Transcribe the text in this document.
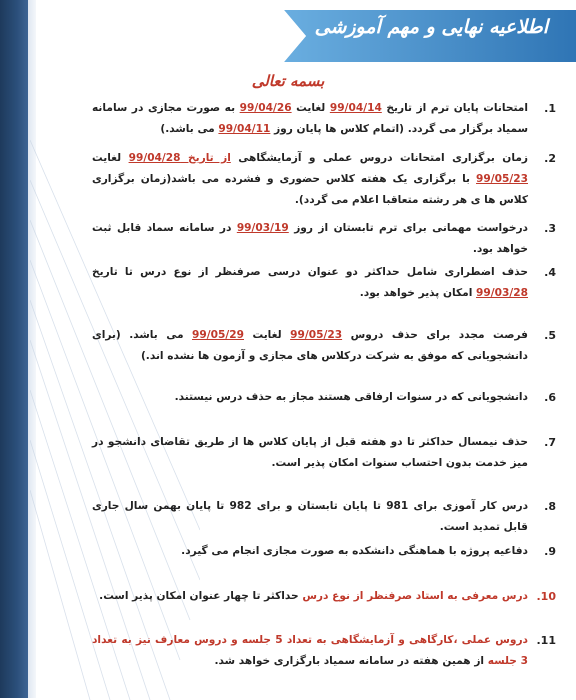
اطلاعیه نهایی و مهم آموزشی
بسمه تعالی
.1
امتحانات پایان ترم از تاریخ 99/04/14 لغایت 99/04/26 به صورت مجازی در سامانه سمیاد برگزار می گردد. (اتمام کلاس ها پایان روز 99/04/11 می باشد.)
.2
زمان برگزاری امتحانات دروس عملی و آزمایشگاهی از تاریخ 99/04/28 لغایت 99/05/23 با برگزاری یک هفته کلاس حضوری و فشرده می باشد(زمان برگزاری کلاس ها ی هر رشته متعاقبا اعلام می گردد).
.3
درخواست مهمانی برای ترم تابستان از روز 99/03/19 در سامانه سماد قابل ثبت خواهد بود.
.4
حذف اضطراری شامل حداکثر دو عنوان درسی صرفنظر از نوع درس تا تاریخ 99/03/28 امکان پذیر خواهد بود.
.5
فرصت مجدد برای حذف دروس 99/05/23 لغایت 99/05/29 می باشد. (برای دانشجویانی که موفق به شرکت درکلاس های مجازی و آزمون ها نشده اند.)
.6
دانشجویانی که در سنوات ارفاقی هستند مجاز به حذف درس نیستند.
.7
حذف نیمسال حداکثر تا دو هفته قبل از پایان کلاس ها از طریق تقاضای دانشجو در میز خدمت بدون احتساب سنوات امکان پذیر است.
.8
درس کار آموزی برای 981 تا پایان تابستان و برای 982 تا پایان بهمن سال جاری قابل تمدید است.
.9
دفاعیه پروژه با هماهنگی دانشکده به صورت مجازی انجام می گیرد.
.10
درس معرفی به استاد صرفنظر از نوع درس حداکثر تا چهار عنوان امکان پذیر است.
.11
دروس عملی ،کارگاهی و آزمایشگاهی به تعداد 5 جلسه و دروس معارف نیز به تعداد 3 جلسه از همین هفته در سامانه سمیاد بارگزاری خواهد شد.
